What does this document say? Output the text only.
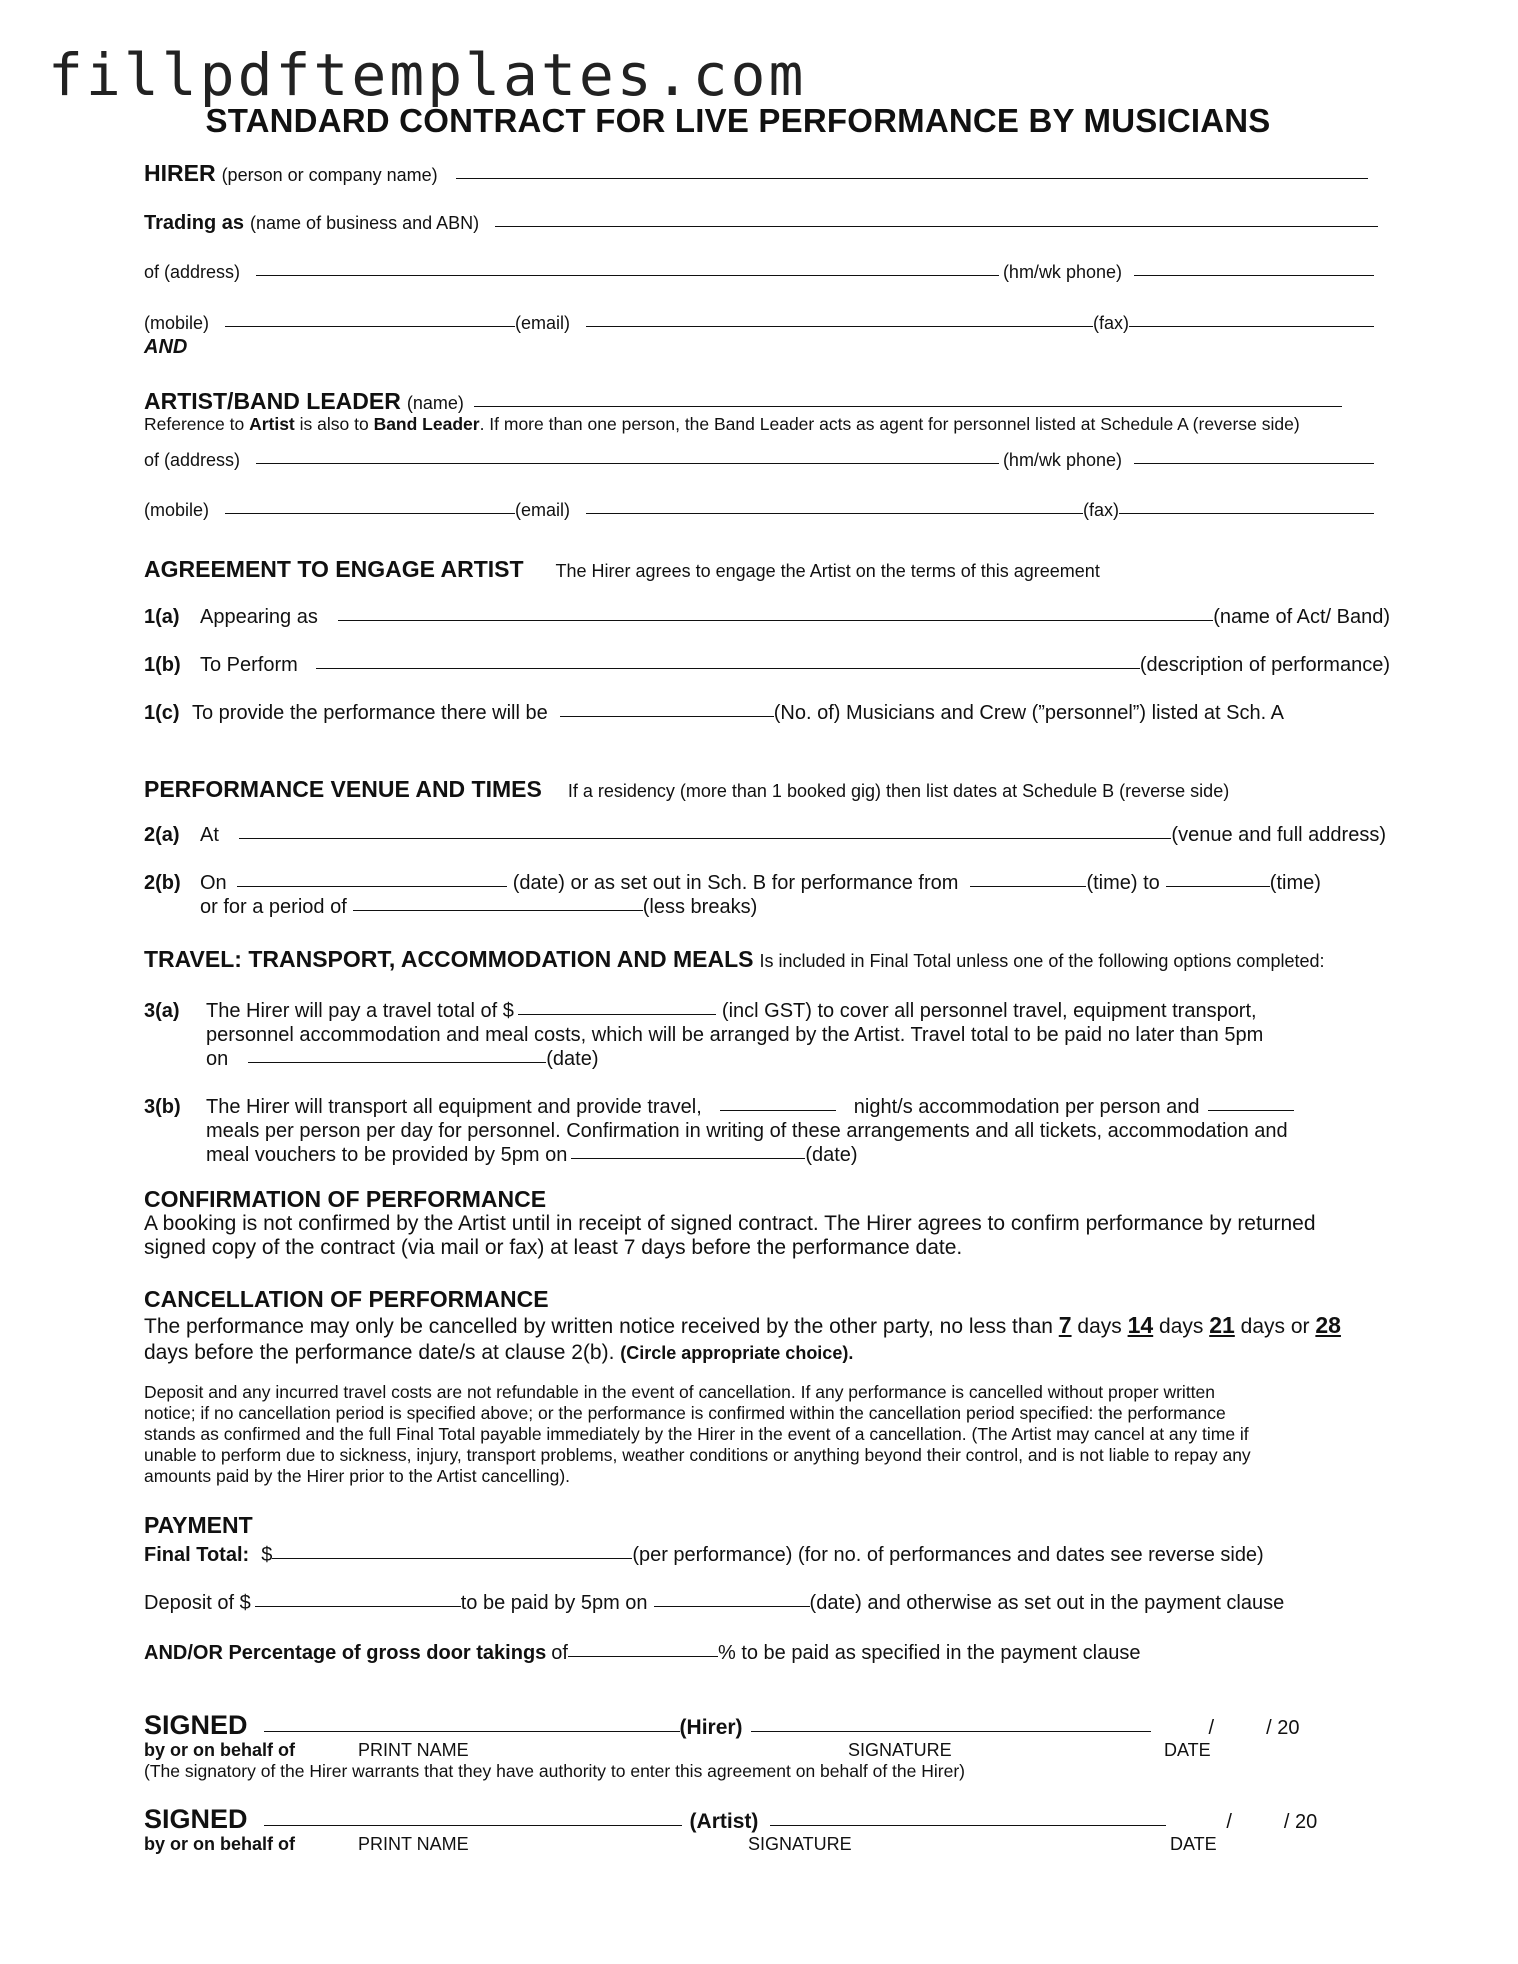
fillpdftemplates.com
STANDARD CONTRACT FOR LIVE PERFORMANCE BY MUSICIANS
HIRER (person or company name)
Trading as (name of business and ABN)
of (address)	(hm/wk phone)
(mobile)	(email)	(fax)
AND
ARTIST/BAND LEADER (name)
Reference to Artist is also to Band Leader. If more than one person, the Band Leader acts as agent for personnel listed at Schedule A (reverse side)
of (address)	(hm/wk phone)
(mobile)	(email)	(fax)
AGREEMENT TO ENGAGE ARTIST The Hirer agrees to engage the Artist on the terms of this agreement
1(a)	Appearing as	(name of Act/ Band)
1(b) To Perform	(description of performance)
1(c) To provide the performance there will be	(No. of) Musicians and Crew (”personnel”) listed at Sch. A
PERFORMANCE VENUE AND TIMES If a residency (more than 1 booked gig) then list dates at Schedule B (reverse side)
2(a)	At	(venue and full address)
2(b) On	(date) or as set out in Sch. B for performance from	(time) to	(time)
or for a period of	(less breaks)
TRAVEL: TRANSPORT, ACCOMMODATION AND MEALS Is included in Final Total unless one of the following options completed:
3(a)	The Hirer will pay a travel total of $	(incl GST) to cover all personnel travel, equipment transport,
personnel accommodation and meal costs, which will be arranged by the Artist. Travel total to be paid no later than 5pm
on	(date)
3(b)	The Hirer will transport all equipment and provide travel,	night/s accommodation per person and
meals per person per day for personnel. Confirmation in writing of these arrangements and all tickets, accommodation and
meal vouchers to be provided by 5pm on	(date)
CONFIRMATION OF PERFORMANCE
A booking is not confirmed by the Artist until in receipt of signed contract. The Hirer agrees to confirm performance by returned
signed copy of the contract (via mail or fax) at least 7 days before the performance date.
CANCELLATION OF PERFORMANCE
The performance may only be cancelled by written notice received by the other party, no less than 7 days 14 days 21 days or 28
days before the performance date/s at clause 2(b). (Circle appropriate choice).
Deposit and any incurred travel costs are not refundable in the event of cancellation. If any performance is cancelled without proper written
notice; if no cancellation period is specified above; or the performance is confirmed within the cancellation period specified: the performance
stands as confirmed and the full Final Total payable immediately by the Hirer in the event of a cancellation. (The Artist may cancel at any time if
unable to perform due to sickness, injury, transport problems, weather conditions or anything beyond their control, and is not liable to repay any
amounts paid by the Hirer prior to the Artist cancelling).
PAYMENT
Final Total: $	(per performance) (for no. of performances and dates see reverse side)
Deposit of $	to be paid by 5pm on	(date) and otherwise as set out in the payment clause
AND/OR Percentage of gross door takings of	% to be paid as specified in the payment clause
SIGNED	(Hirer)	/	/ 20
by or on behalf of	PRINT NAME	SIGNATURE	DATE
(The signatory of the Hirer warrants that they have authority to enter this agreement on behalf of the Hirer)
SIGNED	(Artist)	/	/ 20
by or on behalf of	PRINT NAME	SIGNATURE	DATE
